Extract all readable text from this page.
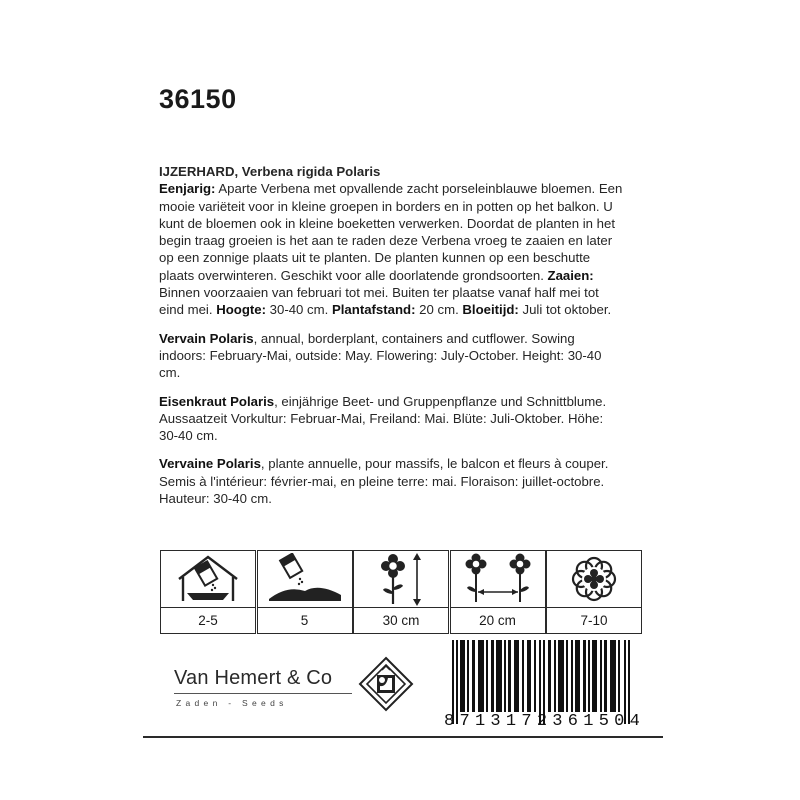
36150
IJZERHARD, Verbena rigida Polaris

Eenjarig: Aparte Verbena met opvallende zacht porseleinblauwe bloemen. Een mooie variëteit voor in kleine groepen in borders en in potten op het balkon. U kunt de bloemen ook in kleine boeketten verwerken. Doordat de planten in het begin traag groeien is het aan te raden deze Verbena vroeg te zaaien en later op een zonnige plaats uit te planten. De planten kunnen op een beschutte plaats overwinteren. Geschikt voor alle doorlatende grondsoorten. Zaaien: Binnen voorzaaien van februari tot mei. Buiten ter plaatse vanaf half mei tot eind mei. Hoogte: 30-40 cm. Plantafstand: 20 cm. Bloeitijd: Juli tot oktober.

Vervain Polaris, annual, borderplant, containers and cutflower. Sowing indoors: February-Mai, outside: May. Flowering: July-October. Height: 30-40 cm.

Eisenkraut Polaris, einjährige Beet- und Gruppenpflanze und Schnittblume. Aussaatzeit Vorkultur: Februar-Mai, Freiland: Mai. Blüte: Juli-Oktober. Höhe: 30-40 cm.

Vervaine Polaris, plante annuelle, pour massifs, le balcon et fleurs à couper. Semis à l'intérieur: février-mai, en pleine terre: mai. Floraison: juillet-octobre. Hauteur: 30-40 cm.

2-5	5	30 cm	20 cm	7-10
Van Hemert & Co
Zaden - Seeds
8 7 1 3 1 7 2 3 6 1 5 0 4
